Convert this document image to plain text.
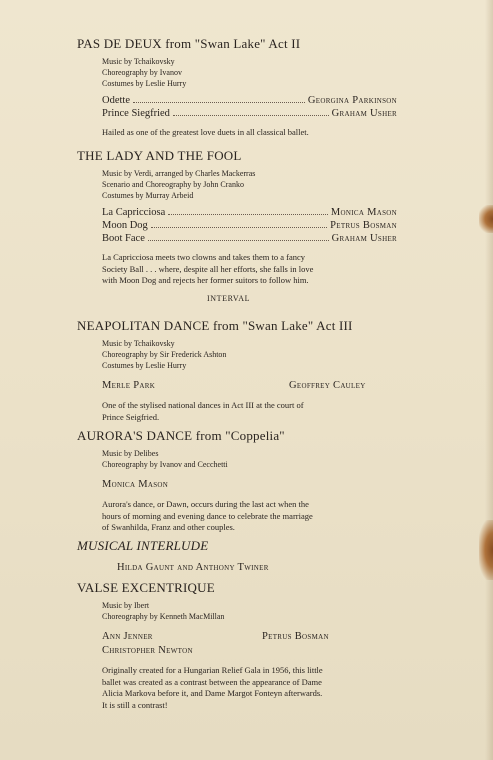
PAS DE DEUX from "Swan Lake" Act II
Music by Tchaikovsky
Choreography by Ivanov
Costumes by Leslie Hurry
Odette	Georgina Parkinson
Prince Siegfried	Graham Usher
Hailed as one of the greatest love duets in all classical ballet.
THE LADY AND THE FOOL
Music by Verdi, arranged by Charles Mackerras
Scenario and Choreography by John Cranko
Costumes by Murray Arbeid
La Capricciosa	Monica Mason
Moon Dog	Petrus Bosman
Boot Face	Graham Usher
La Capricciosa meets two clowns and takes them to a fancy
Society Ball . . . where, despite all her efforts, she falls in love
with Moon Dog and rejects her former suitors to follow him.
INTERVAL
NEAPOLITAN DANCE from "Swan Lake" Act III
Music by Tchaikovsky
Choreography by Sir Frederick Ashton
Costumes by Leslie Hurry
Merle Park	Geoffrey Cauley
One of the stylised national dances in Act III at the court of
Prince Seigfried.
AURORA'S DANCE from "Coppelia"
Music by Delibes
Choreography by Ivanov and Cecchetti
Monica Mason
Aurora's dance, or Dawn, occurs during the last act when the
hours of morning and evening dance to celebrate the marriage
of Swanhilda, Franz and other couples.
MUSICAL INTERLUDE
Hilda Gaunt and Anthony Twiner
VALSE EXCENTRIQUE
Music by Ibert
Choreography by Kenneth MacMillan
Ann Jenner	Petrus Bosman
Christopher Newton
Originally created for a Hungarian Relief Gala in 1956, this little
ballet was created as a contrast between the appearance of Dame
Alicia Markova before it, and Dame Margot Fonteyn afterwards.
It is still a contrast!
